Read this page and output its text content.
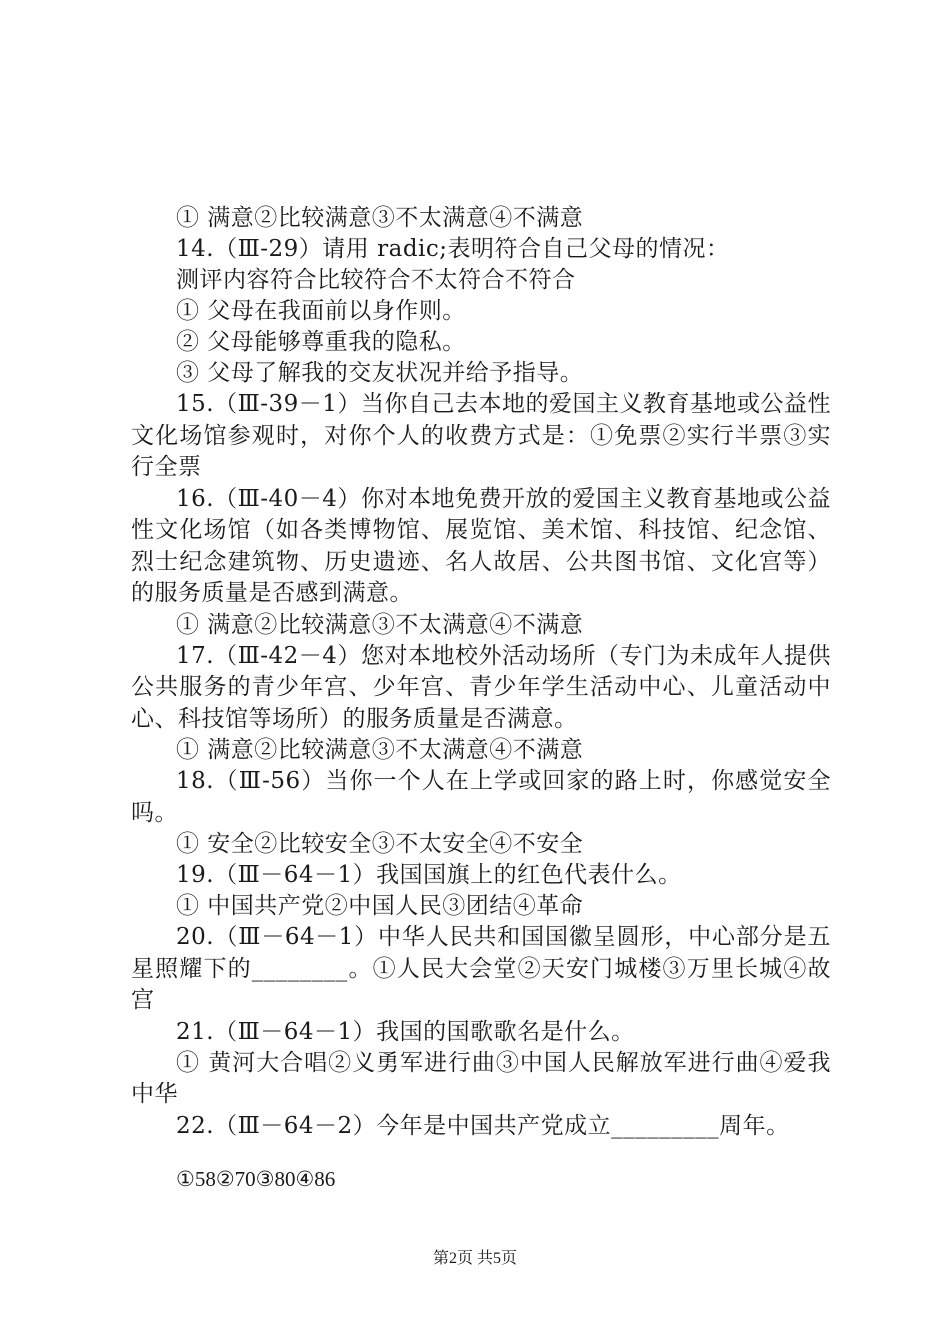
① 满意②比较满意③不太满意④不满意
14.（Ⅲ-29）请用 radic;表明符合自己父母的情况：
测评内容符合比较符合不太符合不符合
① 父母在我面前以身作则。
② 父母能够尊重我的隐私。
③ 父母了解我的交友状况并给予指导。

15.（Ⅲ-39－1）当你自己去本地的爱国主义教育基地或公益性文化场馆参观时，对你个人的收费方式是：①免票②实行半票③实行全票

16.（Ⅲ-40－4）你对本地免费开放的爱国主义教育基地或公益性文化场馆（如各类博物馆、展览馆、美术馆、科技馆、纪念馆、烈士纪念建筑物、历史遗迹、名人故居、公共图书馆、文化宫等）的服务质量是否感到满意。

① 满意②比较满意③不太满意④不满意

17.（Ⅲ-42－4）您对本地校外活动场所（专门为未成年人提供公共服务的青少年宫、少年宫、青少年学生活动中心、儿童活动中心、科技馆等场所）的服务质量是否满意。

① 满意②比较满意③不太满意④不满意

18.（Ⅲ-56）当你一个人在上学或回家的路上时，你感觉安全吗。

① 安全②比较安全③不太安全④不安全
19.（Ⅲ－64－1）我国国旗上的红色代表什么。
① 中国共产党②中国人民③团结④革命

20.（Ⅲ－64－1）中华人民共和国国徽呈圆形，中心部分是五星照耀下的________。①人民大会堂②天安门城楼③万里长城④故宫

21.（Ⅲ－64－1）我国的国歌歌名是什么。

① 黄河大合唱②义勇军进行曲③中国人民解放军进行曲④爱我中华

22.（Ⅲ－64－2）今年是中国共产党成立_________周年。
①58②70③80④86
第2页 共5页
